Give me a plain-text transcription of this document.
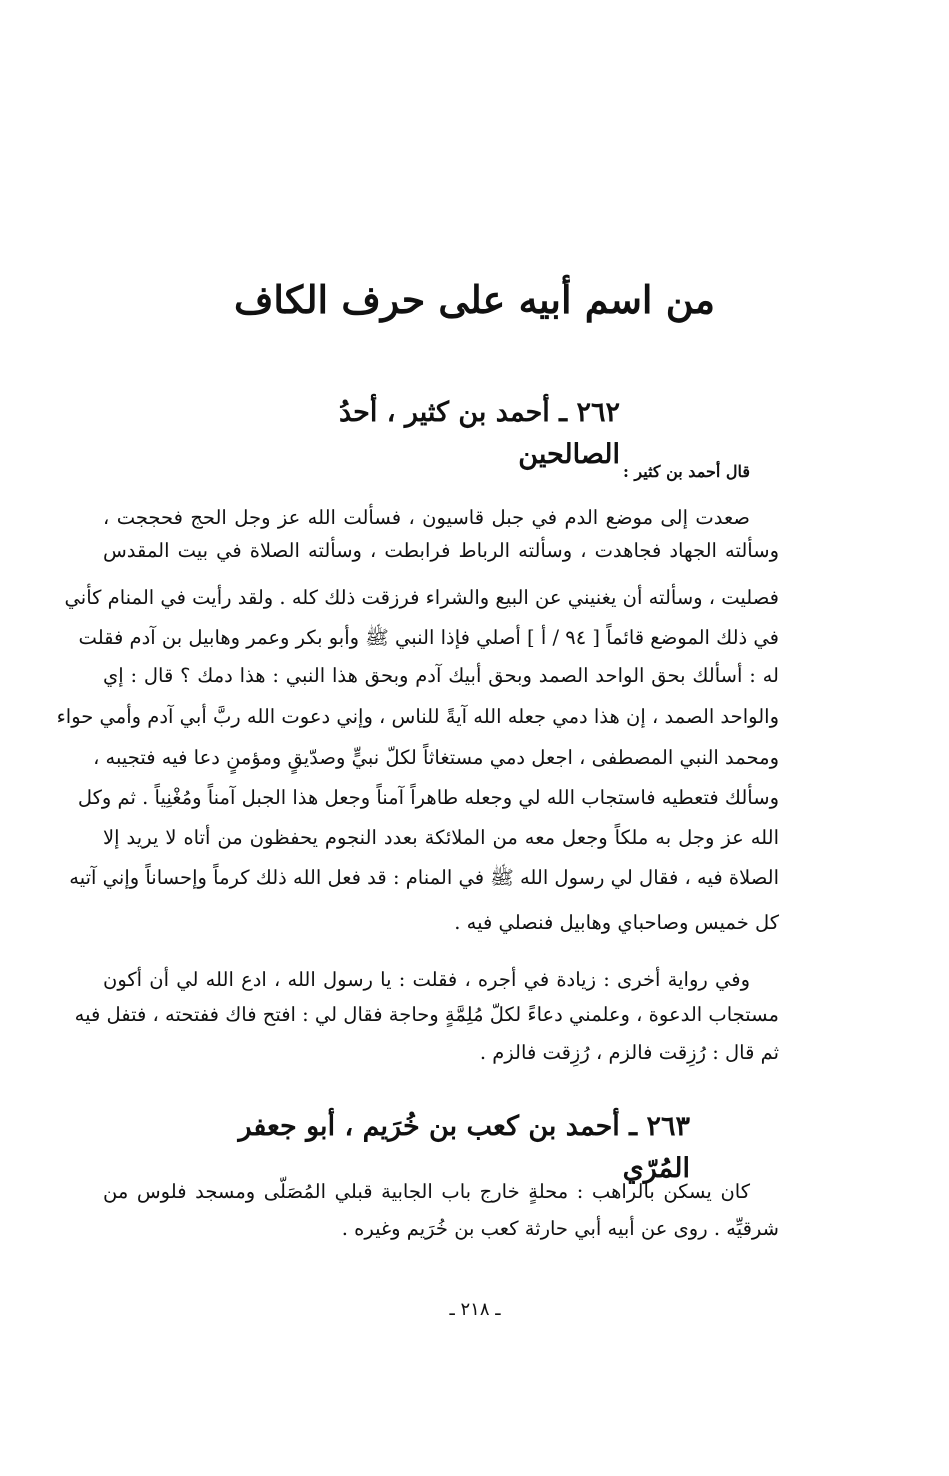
من اسم أبيه على حرف الكاف
٢٦٢ ـ أحمد بن كثير ، أحدُ الصالحين
قال أحمد بن كثير :
صعدت إلى موضع الدم في جبل قاسيون ، فسألت الله عز وجل الحج فحججت ،
وسألته الجهاد فجاهدت ، وسألته الرباط فرابطت ، وسألته الصلاة في بيت المقدس
فصليت ، وسألته أن يغنيني عن البيع والشراء فرزقت ذلك كله . ولقد رأيت في المنام كأني
في ذلك الموضع قائماً [ ٩٤ / أ ] أصلي فإذا النبي ﷺ وأبو بكر وعمر وهابيل بن آدم فقلت
له : أسألك بحق الواحد الصمد وبحق أبيك آدم وبحق هذا النبي : هذا دمك ؟ قال : إي
والواحد الصمد ، إن هذا دمي جعله الله آيةً للناس ، وإني دعوت الله ربَّ أبي آدم وأمي حواء
ومحمد النبي المصطفى ، اجعل دمي مستغاثاً لكلّ نبيٍّ وصدّيقٍ ومؤمنٍ دعا فيه فتجيبه ،
وسألك فتعطيه فاستجاب الله لي وجعله طاهراً آمناً وجعل هذا الجبل آمناً ومُغْنِياً . ثم وكل
الله عز وجل به ملكاً وجعل معه من الملائكة بعدد النجوم يحفظون من أتاه لا يريد إلا
الصلاة فيه ، فقال لي رسول الله ﷺ في المنام : قد فعل الله ذلك كرماً وإحساناً وإني آتيه
كل خميس وصاحباي وهابيل فنصلي فيه .
وفي رواية أخرى : زيادة في أجره ، فقلت : يا رسول الله ، ادع الله لي أن أكون
مستجاب الدعوة ، وعلمني دعاءً لكلّ مُلِمَّةٍ وحاجة فقال لي : افتح فاك ففتحته ، فتفل فيه
ثم قال : رُزِقت فالزم ، رُزِقت فالزم .
٢٦٣ ـ أحمد بن كعب بن خُرَيم ، أبو جعفر المُرّي
كان يسكن بالراهب : محلةٍ خارج باب الجابية قبلي المُصَلّى ومسجد فلوس من
شرقيِّه . روى عن أبيه أبي حارثة كعب بن خُرَيم وغيره .
ـ ٢١٨ ـ
